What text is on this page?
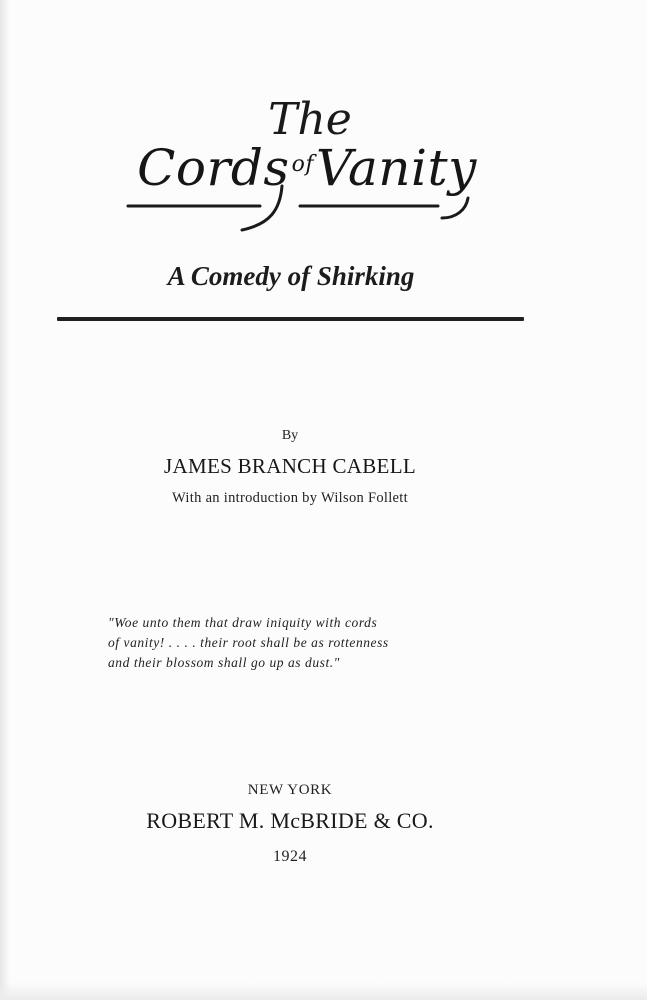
The
Cords$^{of}$Vanity
A Comedy of Shirking
By
JAMES BRANCH CABELL
With an introduction by Wilson Follett
"Woe unto them that draw iniquity with cords
of vanity! . . . . their root shall be as rottenness
and their blossom shall go up as dust."
NEW YORK
ROBERT M. McBRIDE & CO.
1924
